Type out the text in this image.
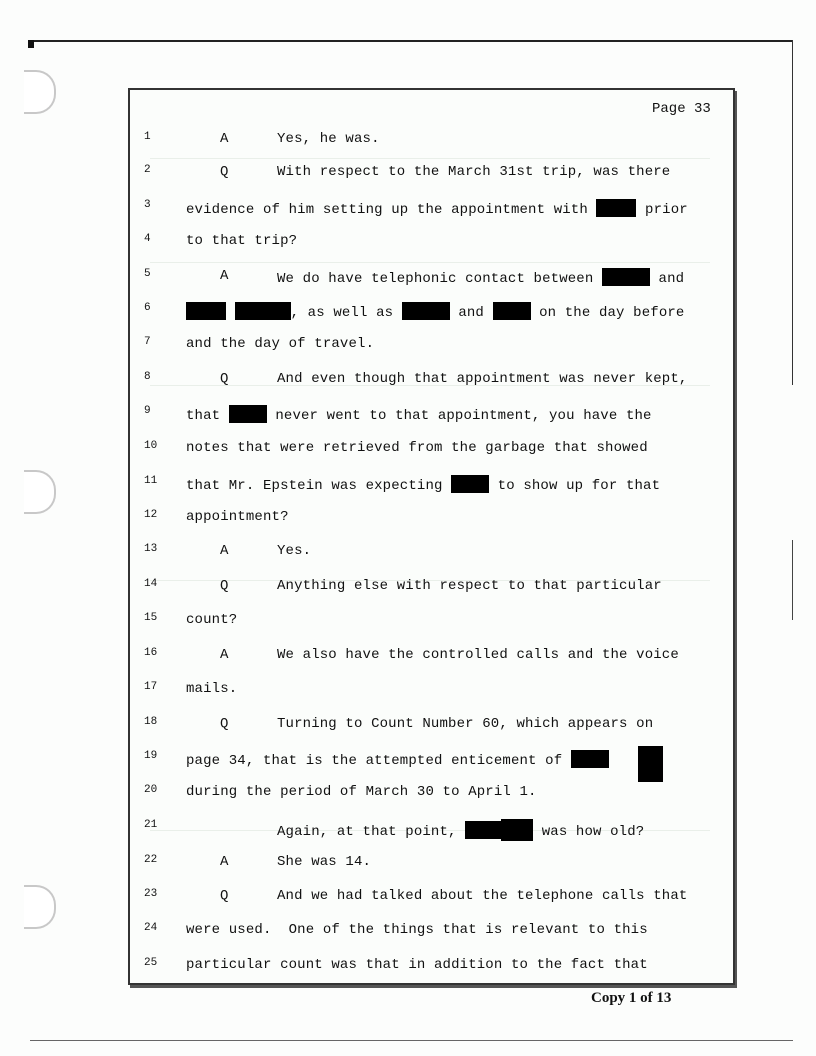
Page 33
1	A	Yes, he was.
2	Q	With respect to the March 31st trip, was there
3	evidence of him setting up the appointment with	prior
4	to that trip?
5	A	We do have telephonic contact between	and
6	, as well as	and	on the day before
7	and the day of travel.
8	Q	And even though that appointment was never kept,
9	that	never went to that appointment, you have the
10 notes that were retrieved from the garbage that showed
11 that Mr. Epstein was expecting	to show up for that
12 appointment?
13	A	Yes.
14	Q	Anything else with respect to that particular
15 count?
16	A	We also have the controlled calls and the voice
17 mails.
18	Q	Turning to Count Number 60, which appears on
19 page 34, that is the attempted enticement of
20 during the period of March 30 to April 1.
21	Again, at that point,	was how old?
22	A	She was 14.
23	Q	And we had talked about the telephone calls that
24 were used.  One of the things that is relevant to this
25 particular count was that in addition to the fact that
Copy 1 of 13
